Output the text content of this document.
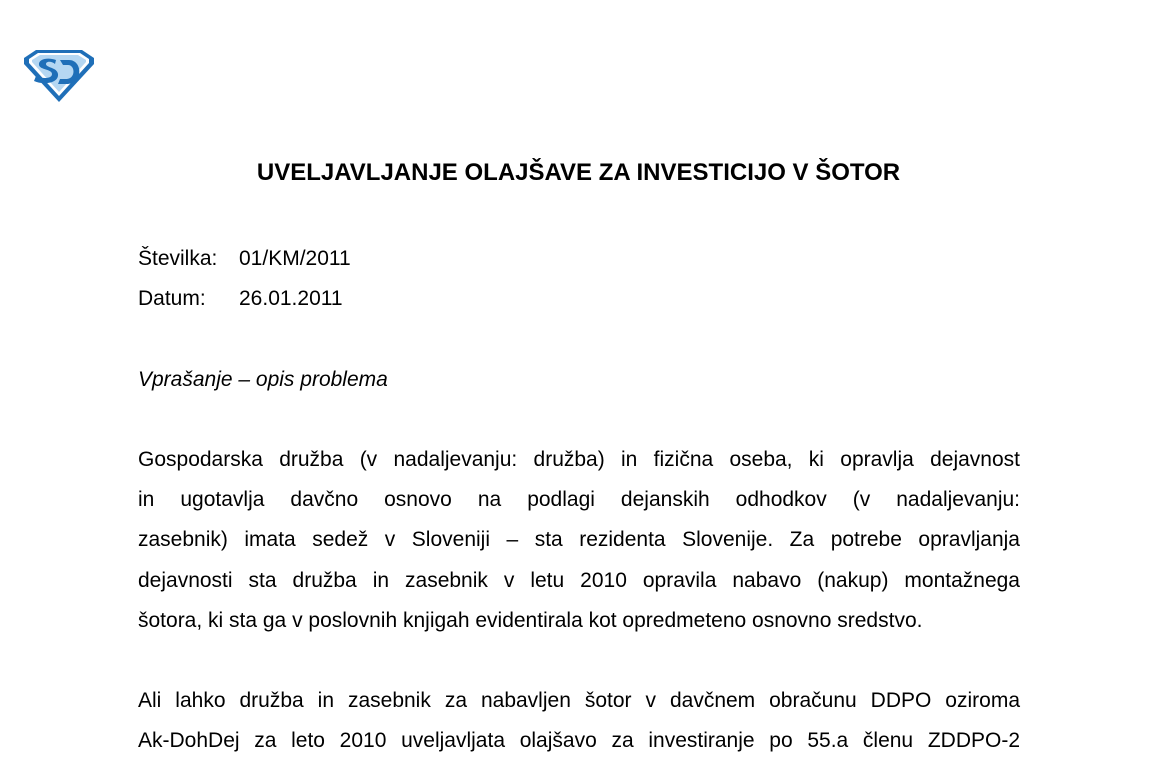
UVELJAVLJANJE OLAJŠAVE ZA INVESTICIJO V ŠOTOR
Številka: 01/KM/2011
Datum: 26.01.2011
Vprašanje – opis problema
Gospodarska družba (v nadaljevanju: družba) in fizična oseba, ki opravlja dejavnost
in ugotavlja davčno osnovo na podlagi dejanskih odhodkov (v nadaljevanju:
zasebnik) imata sedež v Sloveniji – sta rezidenta Slovenije. Za potrebe opravljanja
dejavnosti sta družba in zasebnik v letu 2010 opravila nabavo (nakup) montažnega
šotora, ki sta ga v poslovnih knjigah evidentirala kot opredmeteno osnovno sredstvo.
Ali lahko družba in zasebnik za nabavljen šotor v davčnem obračunu DDPO oziroma
Ak-DohDej za leto 2010 uveljavljata olajšavo za investiranje po 55.a členu ZDDPO-2
